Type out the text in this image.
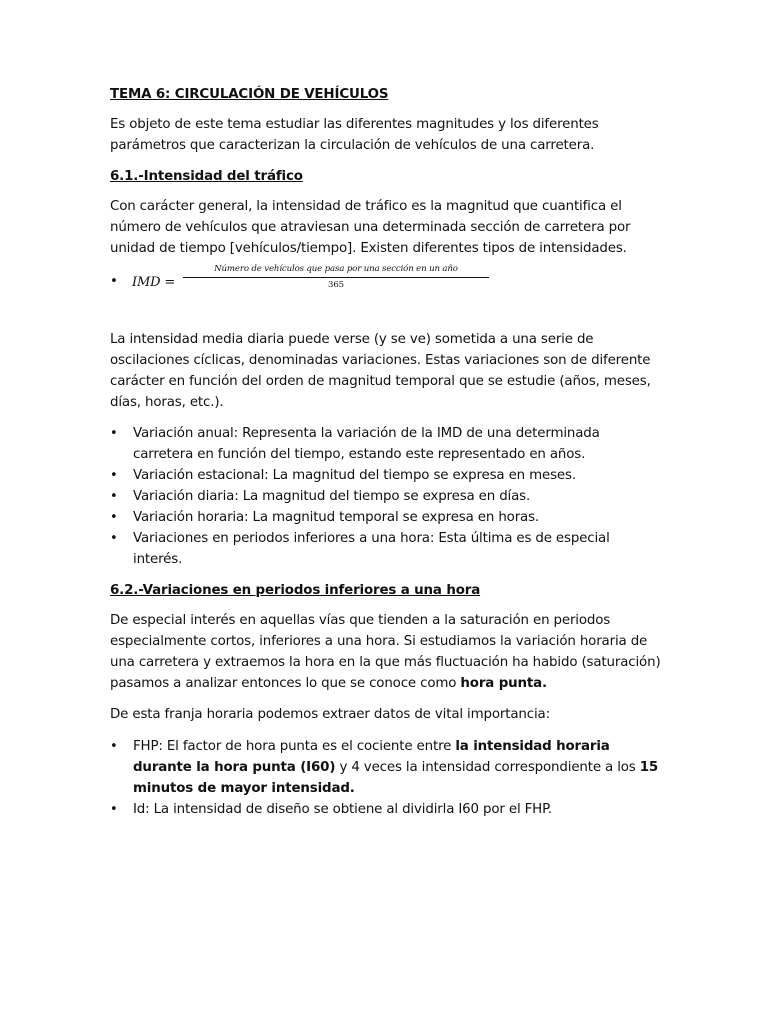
TEMA 6: CIRCULACIÓN DE VEHÍCULOS

Es objeto de este tema estudiar las diferentes magnitudes y los diferentes parámetros que caracterizan la circulación de vehículos de una carretera.

6.1.-Intensidad del tráfico

Con carácter general, la intensidad de tráfico es la magnitud que cuantifica el número de vehículos que atraviesan una determinada sección de carretera por unidad de tiempo [vehículos/tiempo]. Existen diferentes tipos de intensidades.

• IMD =
Número de vehículos que pasa por una sección en un año
365

La intensidad media diaria puede verse (y se ve) sometida a una serie de oscilaciones cíclicas, denominadas variaciones. Estas variaciones son de diferente carácter en función del orden de magnitud temporal que se estudie (años, meses, días, horas, etc.).

• Variación anual: Representa la variación de la IMD de una determinada carretera en función del tiempo, estando este representado en años.
• Variación estacional: La magnitud del tiempo se expresa en meses.
• Variación diaria: La magnitud del tiempo se expresa en días.
• Variación horaria: La magnitud temporal se expresa en horas.
• Variaciones en periodos inferiores a una hora: Esta última es de especial interés.

6.2.-Variaciones en periodos inferiores a una hora

De especial interés en aquellas vías que tienden a la saturación en periodos especialmente cortos, inferiores a una hora. Si estudiamos la variación horaria de una carretera y extraemos la hora en la que más fluctuación ha habido (saturación) pasamos a analizar entonces lo que se conoce como hora punta.

De esta franja horaria podemos extraer datos de vital importancia:

• FHP: El factor de hora punta es el cociente entre la intensidad horaria durante la hora punta (I60) y 4 veces la intensidad correspondiente a los 15 minutos de mayor intensidad.
• Id: La intensidad de diseño se obtiene al dividirla I60 por el FHP.
